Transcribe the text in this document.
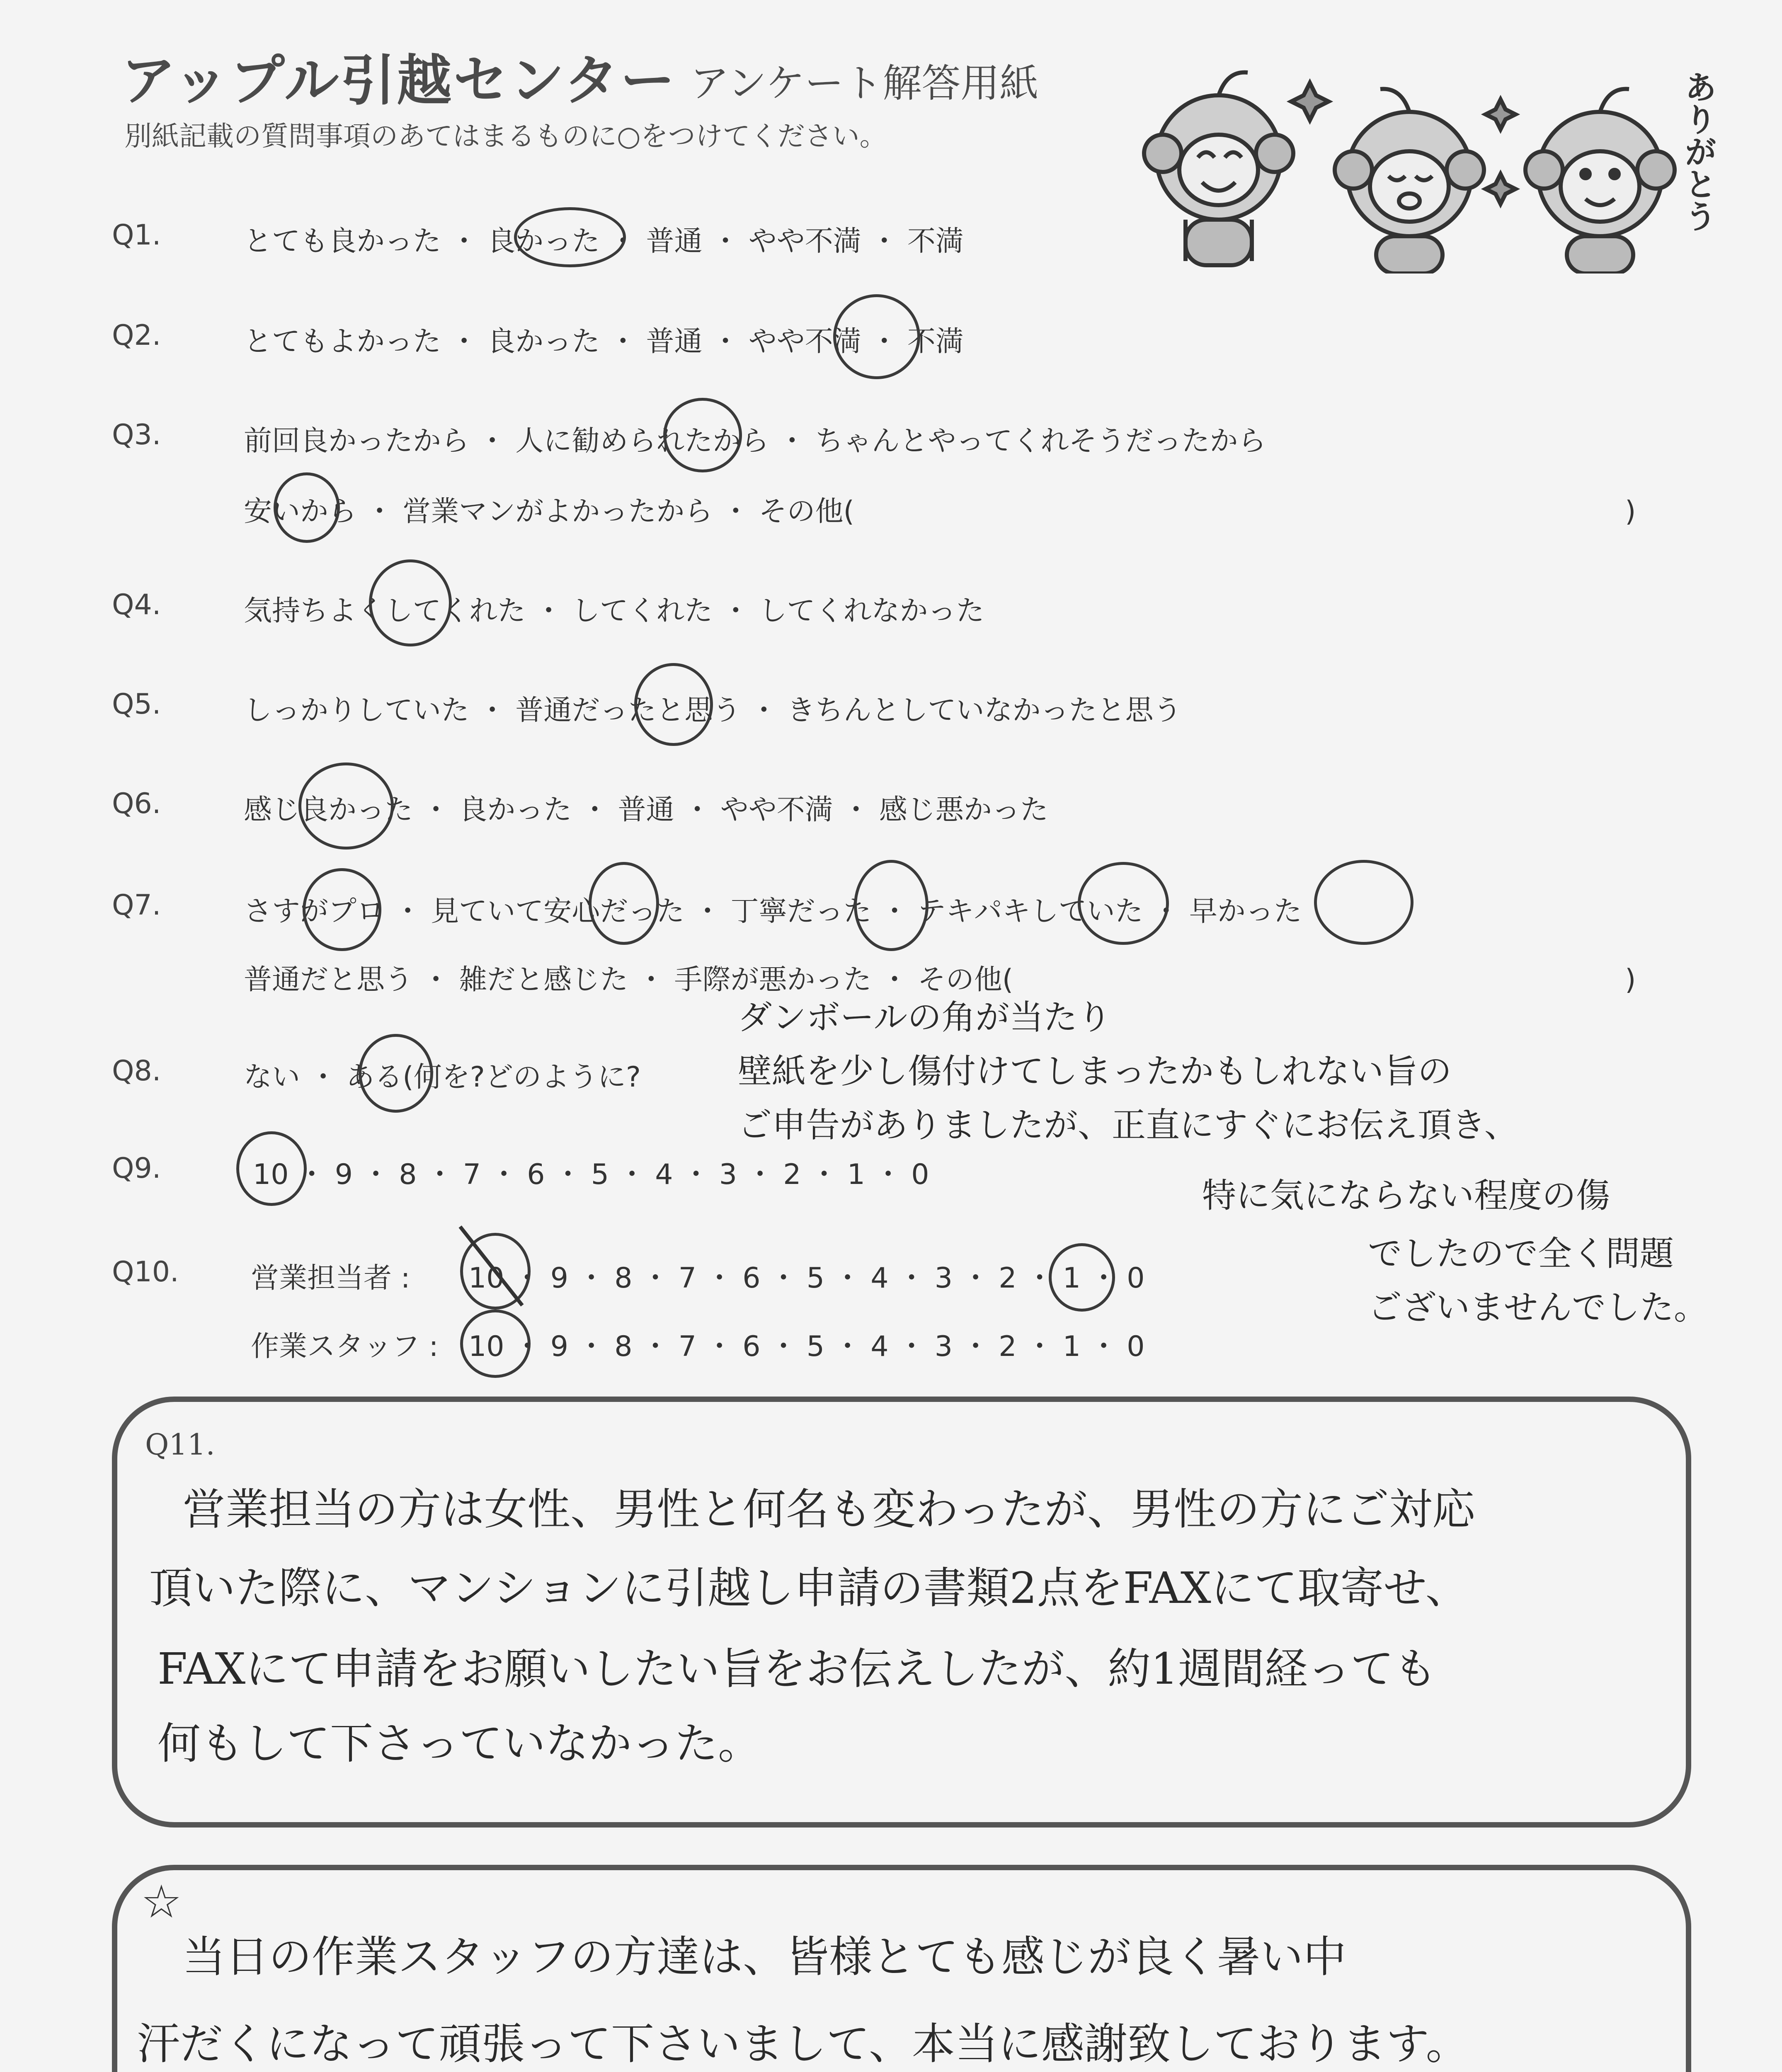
アップル引越センター アンケート解答用紙
別紙記載の質問事項のあてはまるものに○をつけてください。	ありがとう
Q1.	とても良かった ・ 良かった ・ 普通 ・ やや不満 ・ 不満
Q2.	とてもよかった ・ 良かった ・ 普通 ・ やや不満 ・ 不満
Q3.	前回良かったから ・ 人に勧められたから ・ ちゃんとやってくれそうだったから
安いから ・ 営業マンがよかったから ・ その他(	)
Q4.	気持ちよくしてくれた ・ してくれた ・ してくれなかった
Q5.	しっかりしていた ・ 普通だったと思う ・ きちんとしていなかったと思う
Q6.	感じ良かった ・ 良かった ・ 普通 ・ やや不満 ・ 感じ悪かった
Q7.	さすがプロ ・ 見ていて安心だった ・ 丁寧だった ・ テキパキしていた ・ 早かった
普通だと思う ・ 雑だと感じた ・ 手際が悪かった ・ その他(	)
Q8.	ない ・ ある(何を?どのように?
ダンボールの角が当たり
壁紙を少し傷付けてしまったかもしれない旨の
ご申告がありましたが、正直にすぐにお伝え頂き、
特に気にならない程度の傷
でしたので全く問題
ございませんでした。
Q9.	10 ・ 9 ・ 8 ・ 7 ・ 6 ・ 5 ・ 4 ・ 3 ・ 2 ・ 1 ・ 0
Q10.	営業担当者 : 10 ・ 9 ・ 8 ・ 7 ・ 6 ・ 5 ・ 4 ・ 3 ・ 2 ・ 1 ・ 0
作業スタッフ : 10 ・ 9 ・ 8 ・ 7 ・ 6 ・ 5 ・ 4 ・ 3 ・ 2 ・ 1 ・ 0
Q11.
営業担当の方は女性、男性と何名も変わったが、男性の方にご対応
頂いた際に、マンションに引越し申請の書類2点をFAXにて取寄せ、
FAXにて申請をお願いしたい旨をお伝えしたが、約1週間経っても
何もして下さっていなかった。
☆
当日の作業スタッフの方達は、皆様とても感じが良く暑い中
汗だくになって頑張って下さいまして、本当に感謝致しております。
